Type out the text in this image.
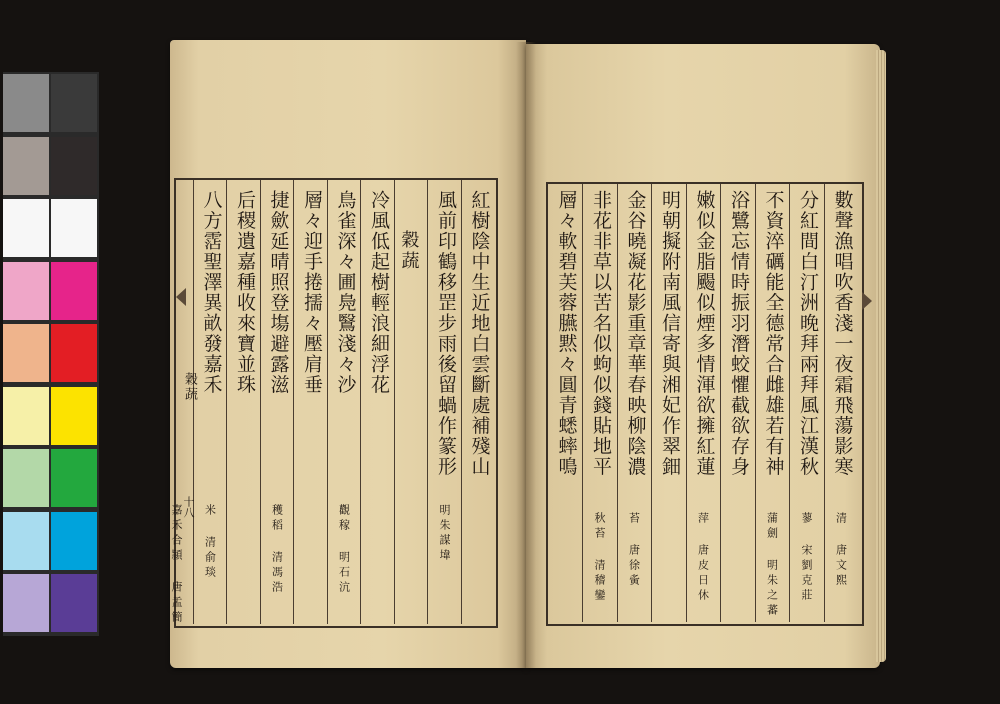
數聲漁唱吹香淺一夜霜飛蕩影寒
清 唐文熙
分紅間白汀洲晚拜兩拜風江漢秋
蓼 宋劉克莊
不資淬礪能全德常合雌雄若有神
蒲劍 明朱之蕃
浴鷺忘情時振羽潛蛟懼截欲存身
嫩似金脂颺似煙多情渾欲擁紅蓮
萍 唐皮日休
明朝擬附南風信寄與湘妃作翠鈿
金谷曉凝花影重章華春映柳陰濃
苔 唐徐夤
非花非草以苦名似蚼似錢貼地平
秋苔 清稽鑾
層々軟碧芙蓉臙黙々圓青蟋蟀鳴
紅樹陰中生近地白雲斷處補殘山
風前印鶴移罡步雨後留蝸作篆形
明朱謀㙔
穀蔬
冷風低起樹輕浪細浮花
鳥雀深々圃鳧鷖淺々沙
觀稼 明石沆
層々迎手捲擩々壓肩垂
捷歛延晴照登塲避露滋
穫稻 清馮浩
后稷遺嘉種收來寶並珠
八方霑聖澤異畝發嘉禾
米 清俞琰
嘉禾合頴 唐孟簡
穀蔬
十八
